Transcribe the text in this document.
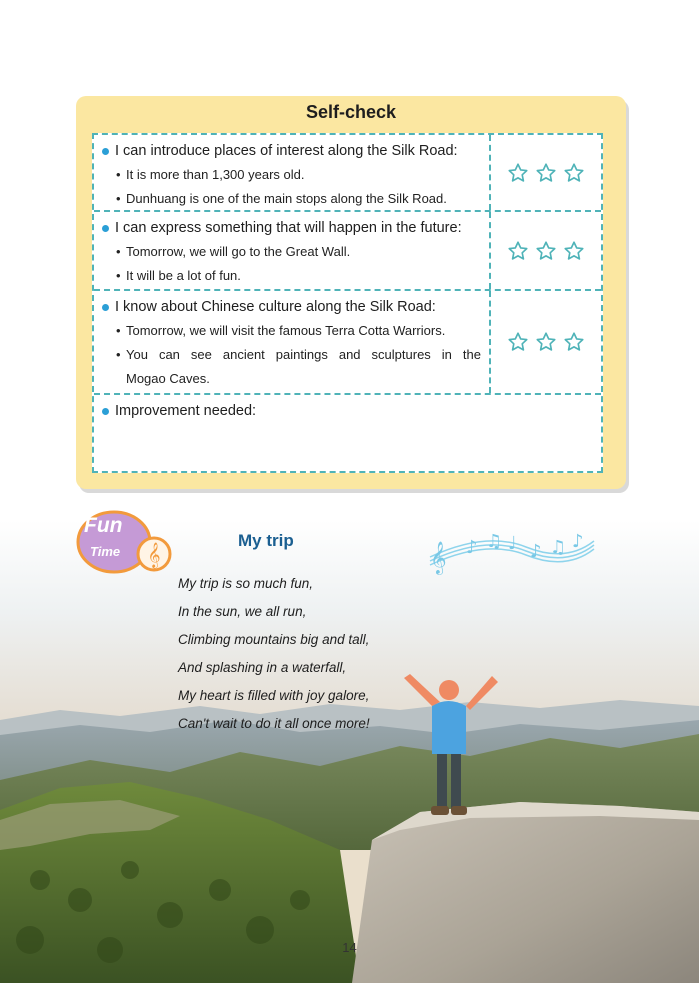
Self-check
I can introduce places of interest along the Silk Road:
• It is more than 1,300 years old.
• Dunhuang is one of the main stops along the Silk Road.
I can express something that will happen in the future:
• Tomorrow, we will go to the Great Wall.
• It will be a lot of fun.
I know about Chinese culture along the Silk Road:
• Tomorrow, we will visit the famous Terra Cotta Warriors.
• You can see ancient paintings and sculptures in the
Mogao Caves.
Improvement needed:
𝄞
Fun
Time
My trip
𝄞 ♪ ♫ ♩ ♪ ♫ ♪
My trip is so much fun,
In the sun, we all run,
Climbing mountains big and tall,
And splashing in a waterfall,
My heart is filled with joy galore,
Can't wait to do it all once more!
14
